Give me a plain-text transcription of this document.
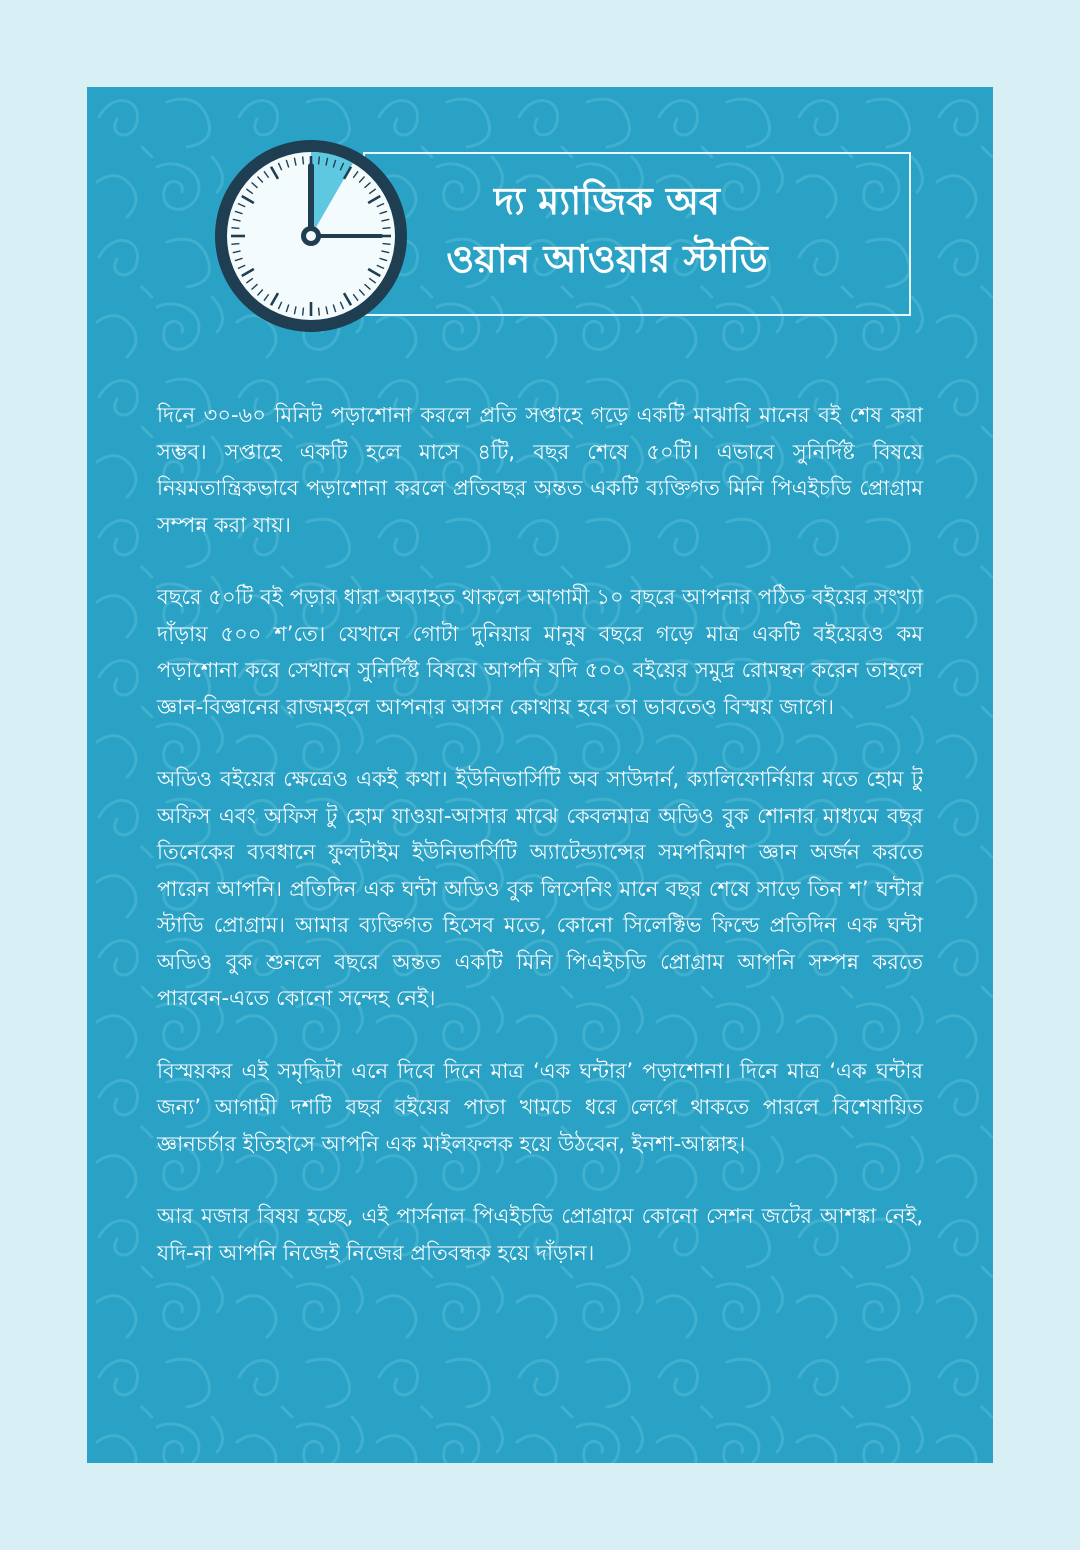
দ্য ম্যাজিক অব
ওয়ান আওয়ার স্টাডি

দিনে ৩০-৬০ মিনিট পড়াশোনা করলে প্রতি সপ্তাহে গড়ে একটি মাঝারি মানের বই শেষ করা সম্ভব। সপ্তাহে একটি হলে মাসে ৪টি, বছর শেষে ৫০টি। এভাবে সুনির্দিষ্ট বিষয়ে নিয়মতান্ত্রিকভাবে পড়াশোনা করলে প্রতিবছর অন্তত একটি ব্যক্তিগত মিনি পিএইচডি প্রোগ্রাম সম্পন্ন করা যায়।

বছরে ৫০টি বই পড়ার ধারা অব্যাহত থাকলে আগামী ১০ বছরে আপনার পঠিত বইয়ের সংখ্যা দাঁড়ায় ৫০০ শ’তে। যেখানে গোটা দুনিয়ার মানুষ বছরে গড়ে মাত্র একটি বইয়েরও কম পড়াশোনা করে সেখানে সুনির্দিষ্ট বিষয়ে আপনি যদি ৫০০ বইয়ের সমুদ্র রোমন্থন করেন তাহলে জ্ঞান-বিজ্ঞানের রাজমহলে আপনার আসন কোথায় হবে তা ভাবতেও বিস্ময় জাগে।

অডিও বইয়ের ক্ষেত্রেও একই কথা। ইউনিভার্সিটি অব সাউদার্ন, ক্যালিফোর্নিয়ার মতে হোম টু অফিস এবং অফিস টু হোম যাওয়া-আসার মাঝে কেবলমাত্র অডিও বুক শোনার মাধ্যমে বছর তিনেকের ব্যবধানে ফুলটাইম ইউনিভার্সিটি অ্যাটেন্ড্যান্সের সমপরিমাণ জ্ঞান অর্জন করতে পারেন আপনি। প্রতিদিন এক ঘন্টা অডিও বুক লিসেনিং মানে বছর শেষে সাড়ে তিন শ’ ঘন্টার স্টাডি প্রোগ্রাম। আমার ব্যক্তিগত হিসেব মতে, কোনো সিলেক্টিভ ফিল্ডে প্রতিদিন এক ঘন্টা অডিও বুক শুনলে বছরে অন্তত একটি মিনি পিএইচডি প্রোগ্রাম আপনি সম্পন্ন করতে পারবেন-এতে কোনো সন্দেহ নেই।

বিস্ময়কর এই সমৃদ্ধিটা এনে দিবে দিনে মাত্র ‘এক ঘন্টার’ পড়াশোনা। দিনে মাত্র ‘এক ঘন্টার জন্য’ আগামী দশটি বছর বইয়ের পাতা খামচে ধরে লেগে থাকতে পারলে বিশেষায়িত জ্ঞানচর্চার ইতিহাসে আপনি এক মাইলফলক হয়ে উঠবেন, ইনশা-আল্লাহ।

আর মজার বিষয় হচ্ছে, এই পার্সনাল পিএইচডি প্রোগ্রামে কোনো সেশন জটের আশঙ্কা নেই, যদি-না আপনি নিজেই নিজের প্রতিবন্ধক হয়ে দাঁড়ান।
